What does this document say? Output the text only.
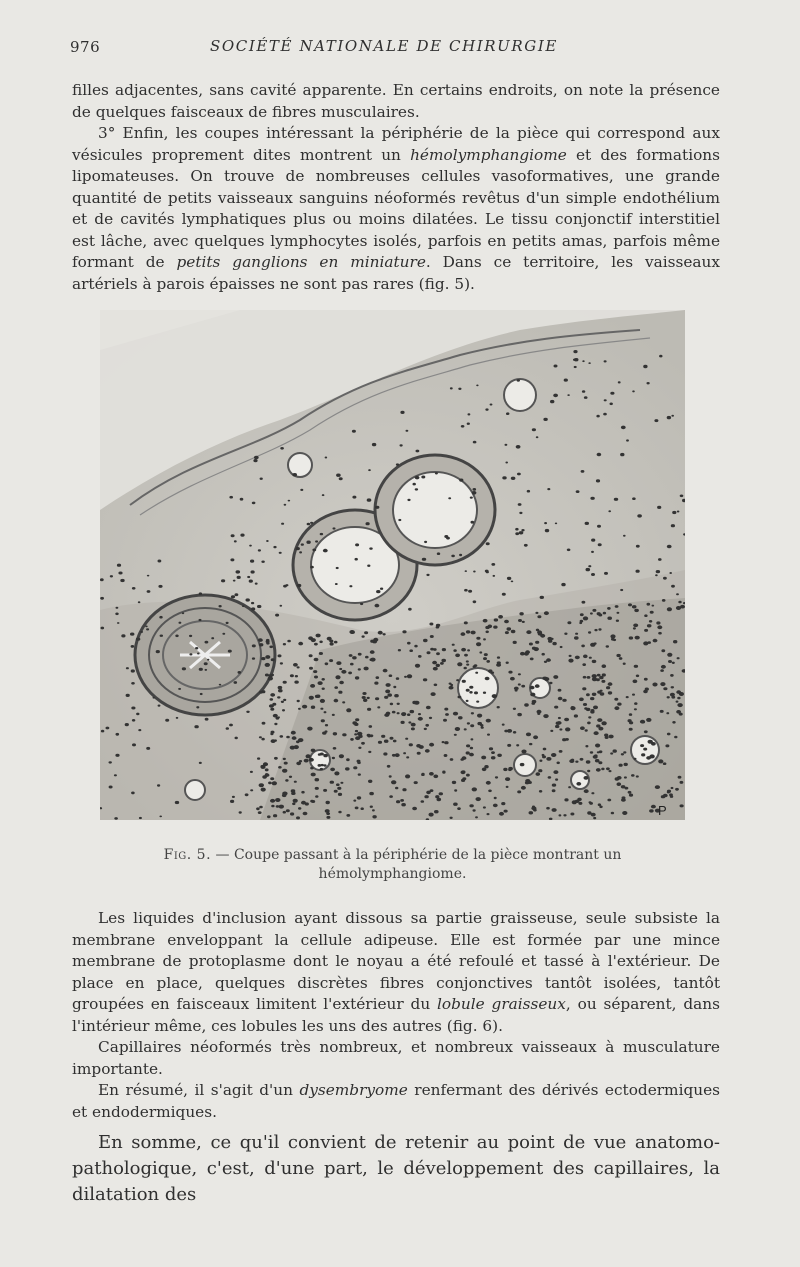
976	SOCIÉTÉ NATIONALE DE CHIRURGIE

filles adjacentes, sans cavité apparente. En certains endroits, on note la présence de quelques faisceaux de fibres musculaires.

3° Enfin, les coupes intéressant la périphérie de la pièce qui correspond aux vésicules proprement dites montrent un hémolymphangiome et des formations lipomateuses. On trouve de nombreuses cellules vasoformatives, une grande quantité de petits vaisseaux sanguins néoformés revêtus d'un simple endothélium et de cavités lymphatiques plus ou moins dilatées. Le tissu conjonctif interstitiel est lâche, avec quelques lymphocytes isolés, parfois en petits amas, parfois même formant de petits ganglions en miniature. Dans ce territoire, les vaisseaux artériels à parois épaisses ne sont pas rares (fig. 5).

P
Fig. 5. — Coupe passant à la périphérie de la pièce montrant un hémolymphangiome.

Les liquides d'inclusion ayant dissous sa partie graisseuse, seule subsiste la membrane enveloppant la cellule adipeuse. Elle est formée par une mince membrane de protoplasme dont le noyau a été refoulé et tassé à l'extérieur. De place en place, quelques discrètes fibres conjonctives tantôt isolées, tantôt groupées en faisceaux limitent l'extérieur du lobule graisseux, ou séparent, dans l'intérieur même, ces lobules les uns des autres (fig. 6).

Capillaires néoformés très nombreux, et nombreux vaisseaux à musculature importante.

En résumé, il s'agit d'un dysembryome renfermant des dérivés ectodermiques et endodermiques.

En somme, ce qu'il convient de retenir au point de vue anatomo-pathologique, c'est, d'une part, le développement des capillaires, la dilatation des
